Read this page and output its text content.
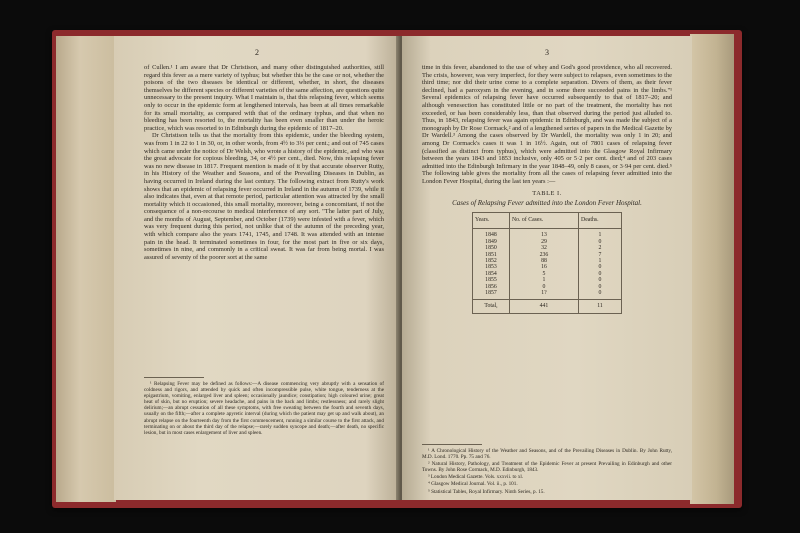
2

of Cullen.¹ I am aware that Dr Christison, and many other distinguished authorities, still regard this fever as a mere variety of typhus; but whether this be the case or not, whether the poisons of the two diseases be identical or different, whether, in short, the diseases themselves be different species or different varieties of the same affection, are questions quite unnecessary to the present inquiry. What I maintain is, that this relapsing fever, which seems only to occur in the epidemic form at lengthened intervals, has been at all times remarkable for its small mortality, as compared with that of the ordinary typhus, and that when no bleeding has been resorted to, the mortality has been even smaller than under the heroic practice, which was resorted to in Edinburgh during the epidemic of 1817–20.

Dr Christison tells us that the mortality from this epidemic, under the bleeding system, was from 1 in 22 to 1 in 30, or, in other words, from 4½ to 3⅓ per cent.; and out of 745 cases which came under the notice of Dr Welsh, who wrote a history of the epidemic, and who was the great advocate for copious bleeding, 34, or 4½ per cent., died. Now, this relapsing fever was no new disease in 1817. Frequent mention is made of it by that accurate observer Rutty, in his History of the Weather and Seasons, and of the Prevailing Diseases in Dublin, as having occurred in Ireland during the last century. The following extract from Rutty's work shows that an epidemic of relapsing fever occurred in Ireland in the autumn of 1739, while it also indicates that, even at that remote period, particular attention was attracted by the small mortality which it occasioned, this small mortality, moreover, being a concomitant, if not the consequence of a non-recourse to medical interference of any sort. "The latter part of July, and the months of August, September, and October (1739) were infested with a fever, which was very frequent during this period, not unlike that of the autumn of the preceding year, with which compare also the years 1741, 1745, and 1748. It was attended with an intense pain in the head. It terminated sometimes in four, for the most part in five or six days, sometimes in nine, and commonly in a critical sweat. It was far from being mortal. I was assured of seventy of the poorer sort at the same

¹ Relapsing Fever may be defined as follows:—A disease commencing very abruptly with a sensation of coldness and rigors, and attended by quick and often incompressible pulse, white tongue, tenderness at the epigastrium, vomiting, enlarged liver and spleen; occasionally jaundice; constipation; high coloured urine; great heat of skin, but no eruption; severe headache, and pains in the back and limbs; restlessness; and rarely slight delirium;—an abrupt cessation of all these symptoms, with free sweating between the fourth and seventh days, usually on the fifth;—after a complete apyretic interval (during which the patient may get up and walk about), an abrupt relapse on the fourteenth day from the first commencement, running a similar course to the first attack, and terminating on or about the third day of the relapse;—rarely sudden syncope and death;—after death, no specific lesion, but in most cases enlargement of liver and spleen.

3

time in this fever, abandoned to the use of whey and God's good providence, who all recovered. The crisis, however, was very imperfect, for they were subject to relapses, even sometimes to the third time; nor did their urine come to a complete separation. Divers of them, as their fever declined, had a paroxysm in the evening, and in some there succeeded pains in the limbs."¹ Several epidemics of relapsing fever have occurred subsequently to that of 1817–20; and although venesection has constituted little or no part of the treatment, the mortality has not exceeded, or has been considerably less, than that observed during the period just alluded to. Thus, in 1843, relapsing fever was again epidemic in Edinburgh, and was made the subject of a monograph by Dr Rose Cormack,² and of a lengthened series of papers in the Medical Gazette by Dr Wardell.³ Among the cases observed by Dr Wardell, the mortality was only 1 in 20; and among Dr Cormack's cases it was 1 in 16½. Again, out of 7801 cases of relapsing fever (classified as distinct from typhus), which were admitted into the Glasgow Royal Infirmary between the years 1843 and 1853 inclusive, only 405 or 5·2 per cent. died;⁴ and of 203 cases admitted into the Edinburgh Infirmary in the year 1848–49, only 8 cases, or 3·94 per cent. died.⁵ The following table gives the mortality from all the cases of relapsing fever admitted into the London Fever Hospital, during the last ten years :—

TABLE I.
Cases of Relapsing Fever admitted into the London Fever Hospital.
Years.	No. of Cases.	Deaths.
1848	13	1
1849	29	0
1850	32	2
1851	236	7
1852	88	1
1853	16	0
1854	5	0
1855	1	0
1856	0	0
1857	1?	0
Total,	441	11

¹ A Chronological History of the Weather and Seasons, and of the Prevailing Diseases in Dublin. By John Rutty, M.D. Lond. 1770. Pp. 75 and 76.

² Natural History, Pathology, and Treatment of the Epidemic Fever at present Prevailing in Edinburgh and other Towns. By John Rose Cormack, M.D. Edinburgh, 1843.

³ London Medical Gazette. Vols. xxxvii. to xl.

⁴ Glasgow Medical Journal. Vol. ii., p. 101.

⁵ Statistical Tables, Royal Infirmary. Ninth Series, p. 15.
